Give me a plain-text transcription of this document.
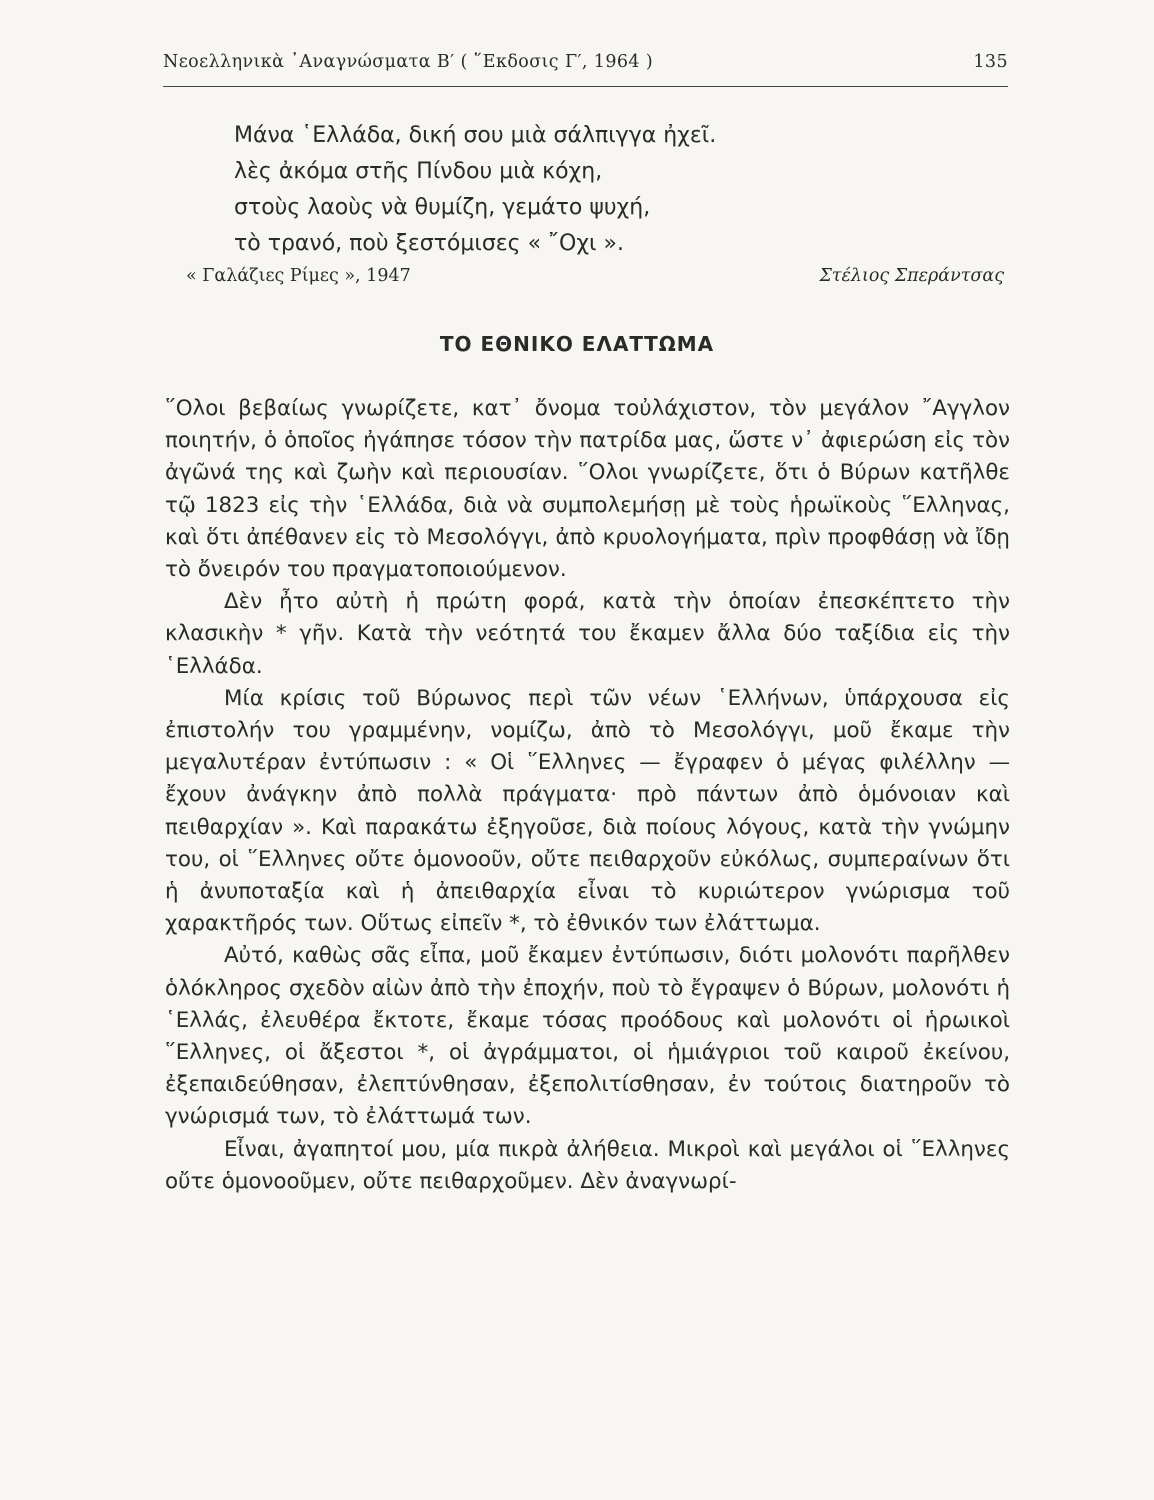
Νεοελληνικὰ ᾽Αναγνώσματα Β′ ( ῞Εκδοσις Γ′, 1964 )	135
Μάνα ῾Ελλάδα, δική σου μιὰ σάλπιγγα ἠχεῖ.
λὲς ἀκόμα στῆς Πίνδου μιὰ κόχη,
στοὺς λαοὺς νὰ θυμίζη, γεμάτο ψυχή,
τὸ τρανό, ποὺ ξεστόμισες « ῎Οχι ».
« Γαλάζιες Ρίμες », 1947	Στέλιος Σπεράντσας
ΤΟ ΕΘΝΙΚΟ ΕΛΑΤΤΩΜΑ

῞Ολοι βεβαίως γνωρίζετε, κατ᾽ ὄνομα τοὐλάχιστον, τὸν μεγάλον ῎Αγγλον ποιητήν, ὁ ὁποῖος ἠγάπησε τόσον τὴν πατρίδα μας, ὥστε ν᾽ ἀφιερώση εἰς τὸν ἀγῶνά της καὶ ζωὴν καὶ περιουσίαν. ῞Ολοι γνωρίζετε, ὅτι ὁ Βύρων κατῆλθε τῷ 1823 εἰς τὴν ῾Ελλάδα, διὰ νὰ συμπολεμήσῃ μὲ τοὺς ἡρωϊκοὺς ῞Ελληνας, καὶ ὅτι ἀπέθανεν εἰς τὸ Μεσολόγγι, ἀπὸ κρυολογήματα, πρὶν προφθάσῃ νὰ ἴδῃ τὸ ὄνειρόν του πραγματοποιούμενον.

Δὲν ἦτο αὐτὴ ἡ πρώτη φορά, κατὰ τὴν ὁποίαν ἐπεσκέπτετο τὴν κλασικὴν * γῆν. Κατὰ τὴν νεότητά του ἔκαμεν ἄλλα δύο ταξίδια εἰς τὴν ῾Ελλάδα.

Μία κρίσις τοῦ Βύρωνος περὶ τῶν νέων ῾Ελλήνων, ὑπάρχουσα εἰς ἐπιστολήν του γραμμένην, νομίζω, ἀπὸ τὸ Μεσολόγγι, μοῦ ἔκαμε τὴν μεγαλυτέραν ἐντύπωσιν : « Οἱ ῞Ελληνες — ἔγραφεν ὁ μέγας φιλέλλην — ἔχουν ἀνάγκην ἀπὸ πολλὰ πράγματα· πρὸ πάντων ἀπὸ ὁμόνοιαν καὶ πειθαρχίαν ». Καὶ παρακάτω ἐξηγοῦσε, διὰ ποίους λόγους, κατὰ τὴν γνώμην του, οἱ ῞Ελληνες οὔτε ὁμονοοῦν, οὔτε πειθαρχοῦν εὐκόλως, συμπεραίνων ὅτι ἡ ἀνυποταξία καὶ ἡ ἀπειθαρχία εἶναι τὸ κυριώτερον γνώρισμα τοῦ χαρακτῆρός των. Οὕτως εἰπεῖν *, τὸ ἐθνικόν των ἐλάττωμα.

Αὐτό, καθὼς σᾶς εἶπα, μοῦ ἔκαμεν ἐντύπωσιν, διότι μολονότι παρῆλθεν ὁλόκληρος σχεδὸν αἰὼν ἀπὸ τὴν ἐποχήν, ποὺ τὸ ἔγραψεν ὁ Βύρων, μολονότι ἡ ῾Ελλάς, ἐλευθέρα ἔκτοτε, ἔκαμε τόσας προόδους καὶ μολονότι οἱ ἡρωικοὶ ῞Ελληνες, οἱ ἄξεστοι *, οἱ ἀγράμματοι, οἱ ἡμιάγριοι τοῦ καιροῦ ἐκείνου, ἐξεπαιδεύθησαν, ἐλεπτύνθησαν, ἐξεπολιτίσθησαν, ἐν τούτοις διατηροῦν τὸ γνώρισμά των, τὸ ἐλάττωμά των.

Εἶναι, ἀγαπητοί μου, μία πικρὰ ἀλήθεια. Μικροὶ καὶ μεγάλοι οἱ ῞Ελληνες οὔτε ὁμονοοῦμεν, οὔτε πειθαρχοῦμεν. Δὲν ἀναγνωρί-
